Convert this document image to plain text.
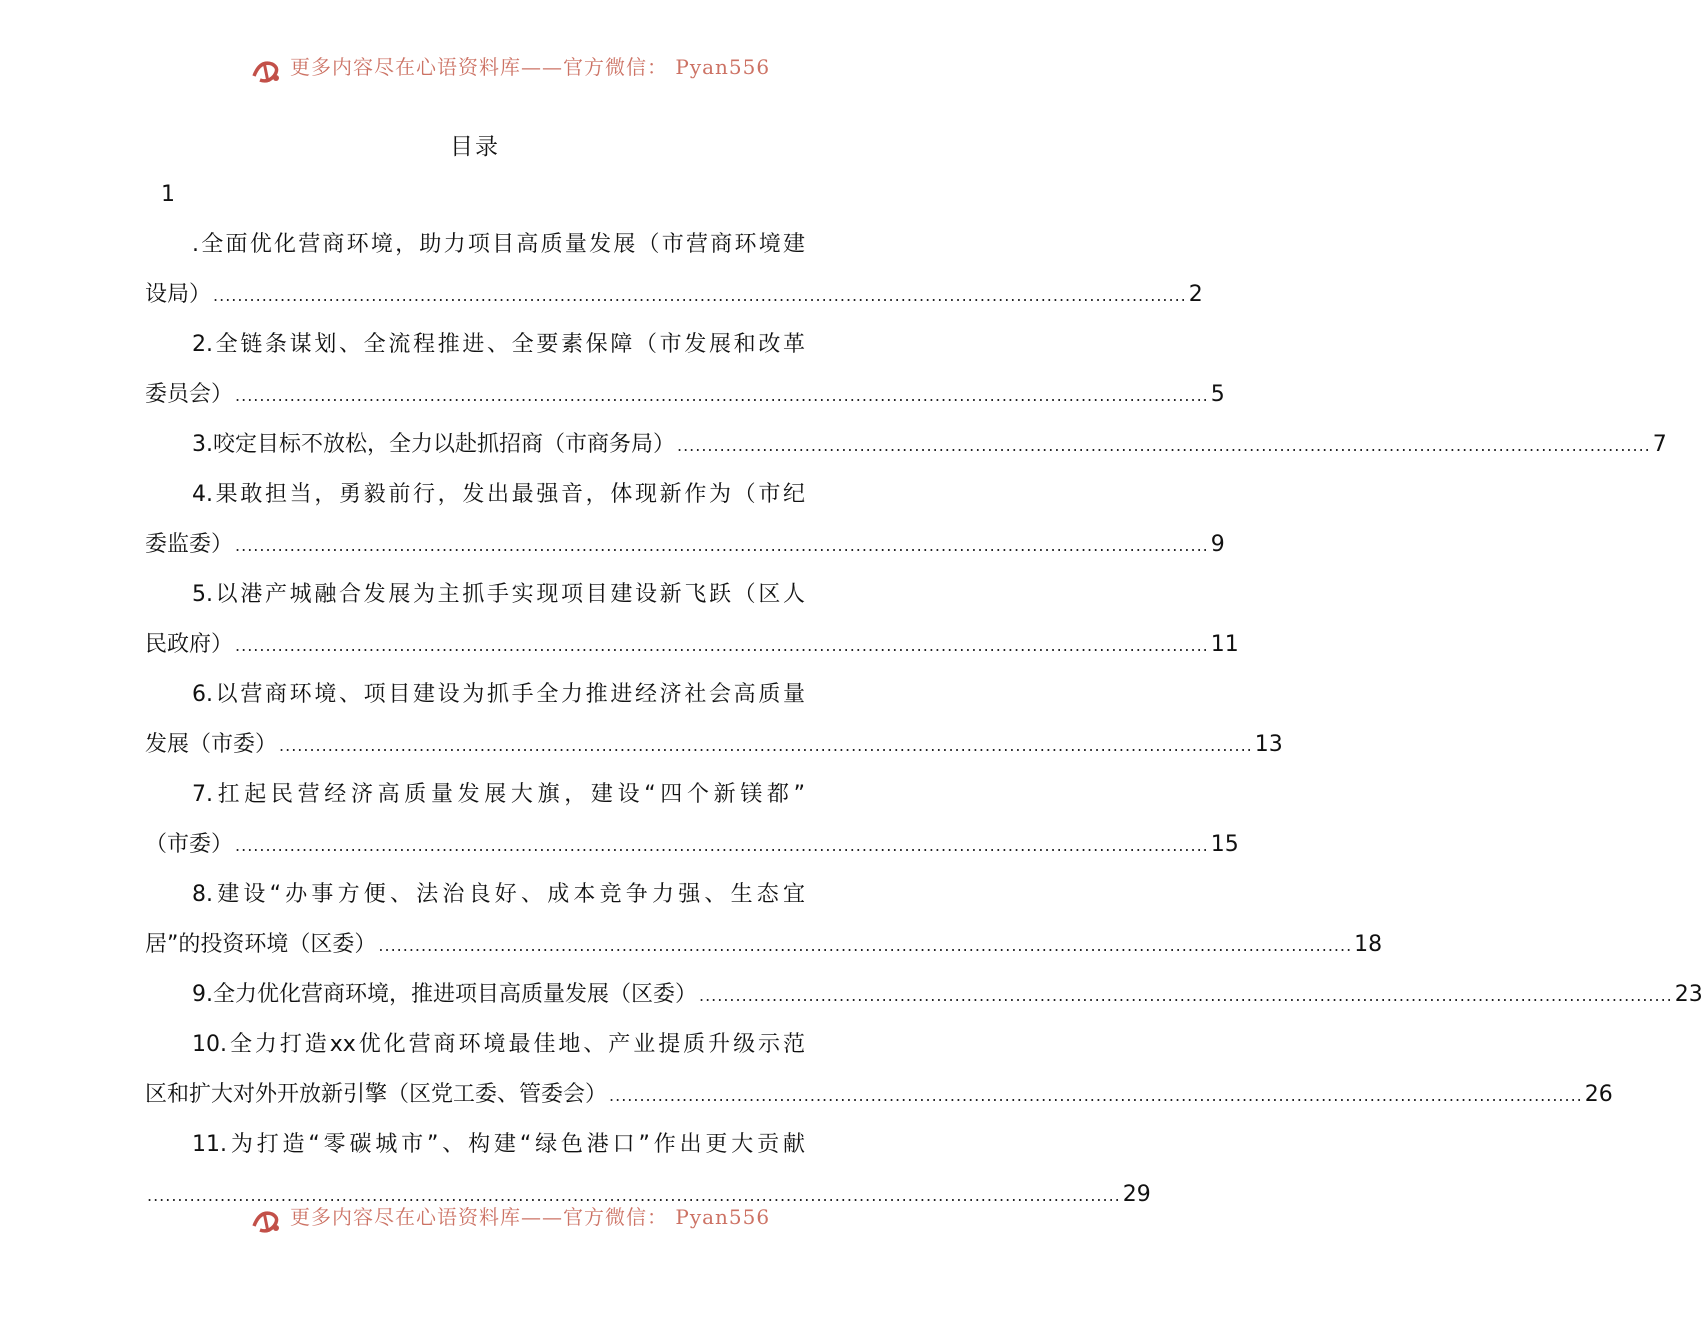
更多内容尽在心语资料库——官方微信： Pyan556
目录
1
.全面优化营商环境，助力项目高质量发展（市营商环境建
设局） ................................................................................................................................................................ 2
2.全链条谋划、全流程推进、全要素保障（市发展和改革
委员会） ................................................................................................................................................................ 5
3.咬定目标不放松，全力以赴抓招商（市商务局） ................................................................................................................................................................ 7
4.果敢担当，勇毅前行，发出最强音，体现新作为（市纪
委监委） ................................................................................................................................................................ 9
5.以港产城融合发展为主抓手实现项目建设新飞跃（区人
民政府） ................................................................................................................................................................ 11
6.以营商环境、项目建设为抓手全力推进经济社会高质量
发展（市委） ................................................................................................................................................................ 13
7.扛起民营经济高质量发展大旗，建设“四个新镁都”
（市委） ................................................................................................................................................................ 15
8.建设“办事方便、法治良好、成本竞争力强、生态宜
居”的投资环境（区委） ................................................................................................................................................................ 18
9.全力优化营商环境，推进项目高质量发展（区委） ................................................................................................................................................................ 23
10.全力打造xx优化营商环境最佳地、产业提质升级示范
区和扩大对外开放新引擎（区党工委、管委会） ................................................................................................................................................................ 26
11.为打造“零碳城市”、构建“绿色港口”作出更大贡献
................................................................................................................................................................ 29
更多内容尽在心语资料库——官方微信： Pyan556
